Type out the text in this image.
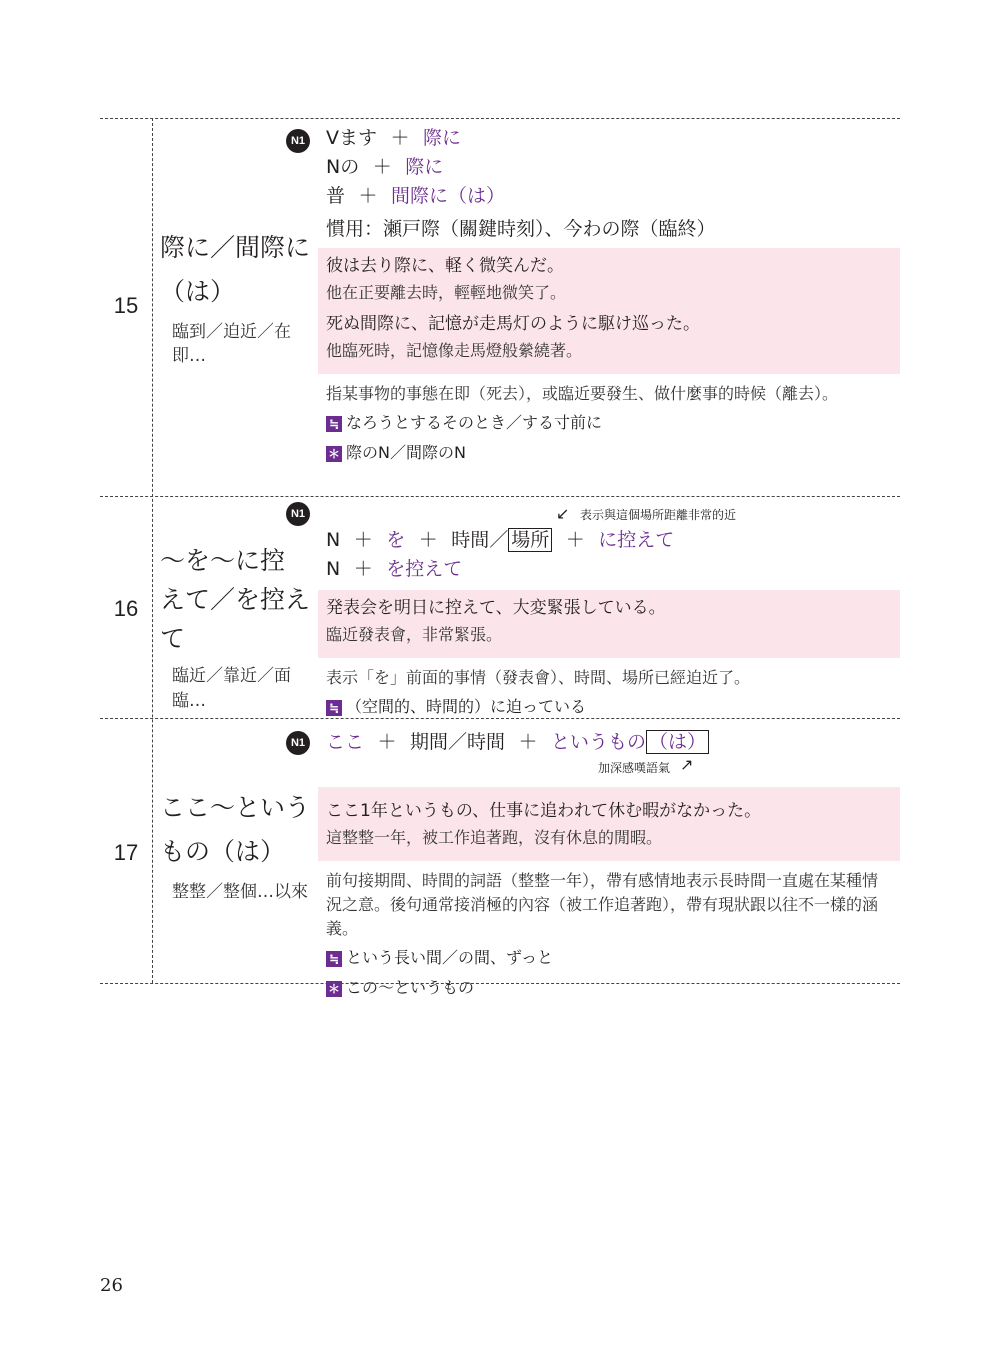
15
際に／間際に
（は）
臨到／迫近／在即…
N1	Vます ＋ 際に
Nの ＋ 際に
普 ＋ 間際に（は）
慣用：瀬戸際（關鍵時刻）、今わの際（臨終）
彼は去り際に、軽く微笑んだ。
他在正要離去時，輕輕地微笑了。
死ぬ間際に、記憶が走馬灯のように駆け巡った。
他臨死時，記憶像走馬燈般縈繞著。
指某事物的事態在即（死去），或臨近要發生、做什麼事的時候（離去）。
≒ なろうとするそのとき／する寸前に
＊ 際のN／間際のN
16
～を～に控
えて／を控え
て
臨近／靠近／面臨…
N1	↙ 表示與這個場所距離非常的近
N ＋ を ＋ 時間／ 場所 ＋ に控えて
N ＋ を控えて
発表会を明日に控えて、大変緊張している。
臨近發表會，非常緊張。
表示「を」前面的事情（發表會）、時間、場所已經迫近了。
≒ （空間的、時間的）に迫っている
17
ここ～という
もの（は）
整整／整個…以來
N1	ここ ＋ 期間／時間 ＋ というもの （は）
加深感嘆語氣 ↗
ここ1年というもの、仕事に追われて休む暇がなかった。
這整整一年，被工作追著跑，沒有休息的閒暇。
前句接期間、時間的詞語（整整一年），帶有感情地表示長時間一直處在某種情況之意。後句通常接消極的內容（被工作追著跑），帶有現狀跟以往不一樣的涵義。
≒ という長い間／の間、ずっと
＊ この～というもの
26
